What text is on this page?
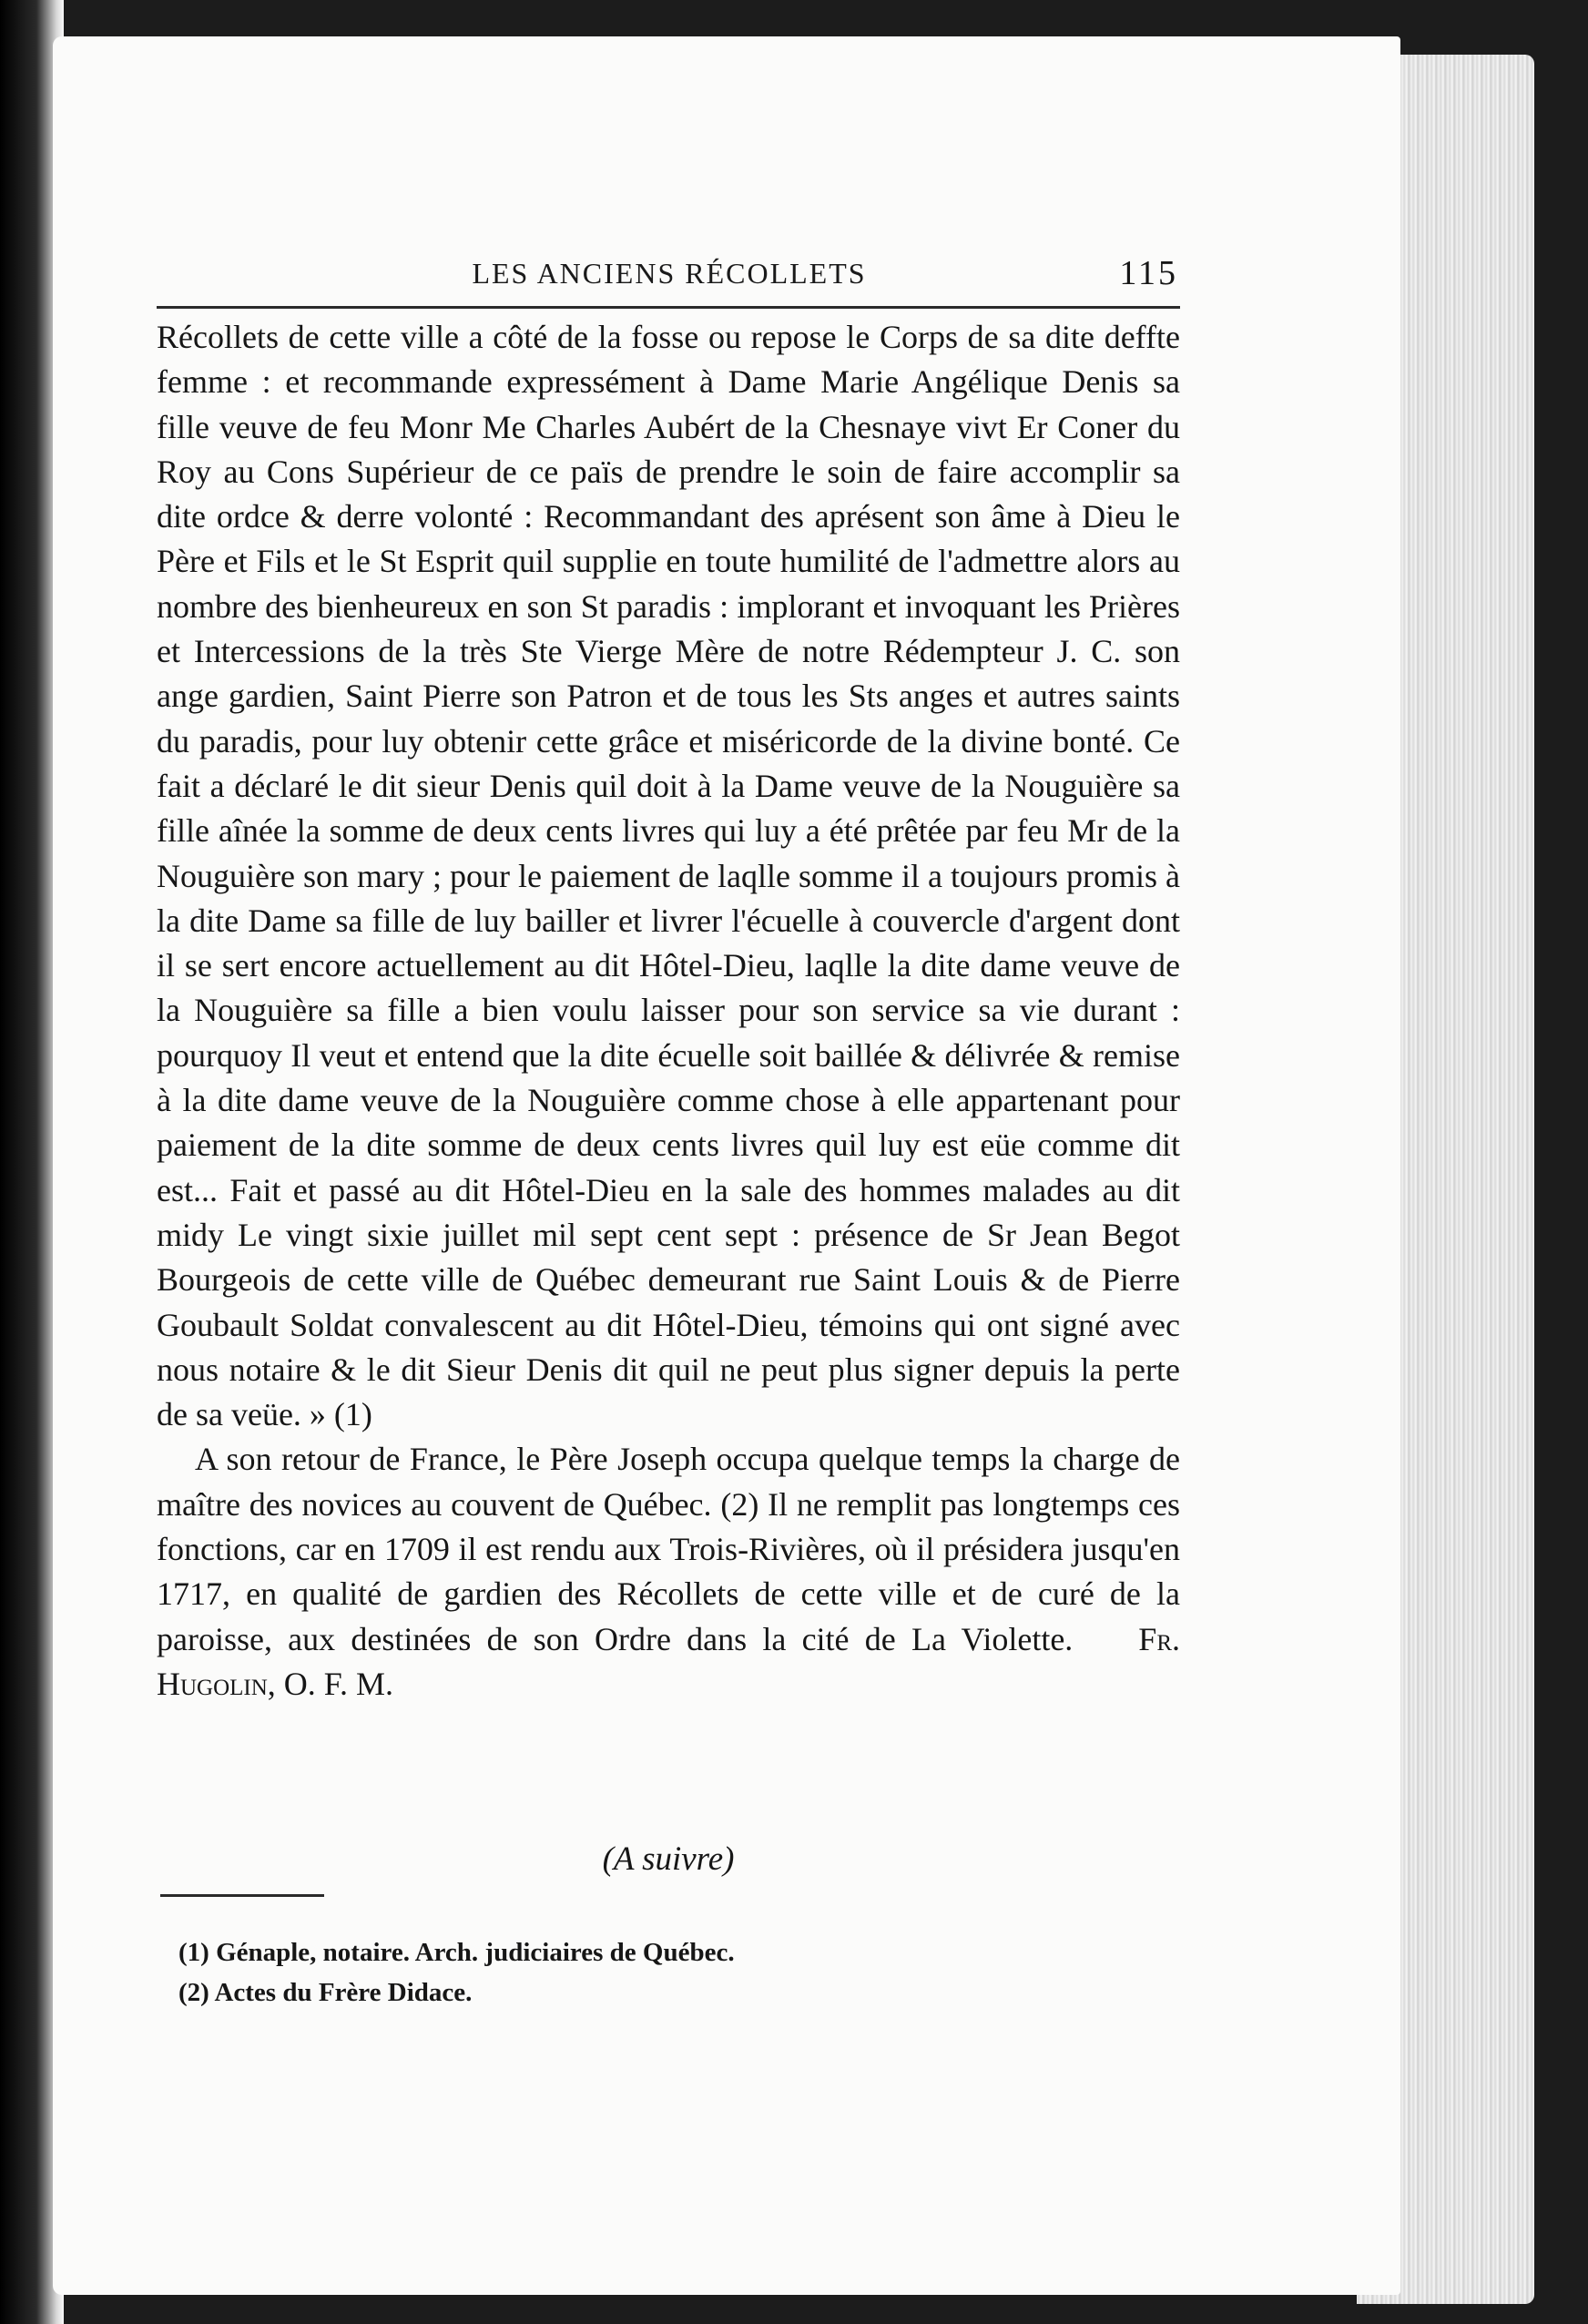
LES ANCIENS RÉCOLLETS	115

Récollets de cette ville a côté de la fosse ou repose le Corps de sa dite deffte femme : et recommande expressément à Dame Marie Angélique Denis sa fille veuve de feu Monr Me Charles Aubért de la Chesnaye vivt Er Coner du Roy au Cons Supérieur de ce païs de prendre le soin de faire accomplir sa dite ordce & derre volonté : Recommandant des aprésent son âme à Dieu le Père et Fils et le St Esprit quil supplie en toute humilité de l'admettre alors au nombre des bienheureux en son St paradis : implorant et invoquant les Prières et Intercessions de la très Ste Vierge Mère de notre Rédempteur J. C. son ange gardien, Saint Pierre son Patron et de tous les Sts anges et autres saints du paradis, pour luy obtenir cette grâce et miséricorde de la divine bonté. Ce fait a déclaré le dit sieur Denis quil doit à la Dame veuve de la Nouguière sa fille aînée la somme de deux cents livres qui luy a été prêtée par feu Mr de la Nouguière son mary ; pour le paiement de laqlle somme il a toujours promis à la dite Dame sa fille de luy bailler et livrer l'écuelle à couvercle d'argent dont il se sert encore actuellement au dit Hôtel-Dieu, laqlle la dite dame veuve de la Nouguière sa fille a bien voulu laisser pour son service sa vie durant : pourquoy Il veut et entend que la dite écuelle soit baillée & délivrée & remise à la dite dame veuve de la Nouguière comme chose à elle appartenant pour paiement de la dite somme de deux cents livres quil luy est eüe comme dit est... Fait et passé au dit Hôtel-Dieu en la sale des hommes malades au dit midy Le vingt sixie juillet mil sept cent sept : présence de Sr Jean Begot Bourgeois de cette ville de Québec demeurant rue Saint Louis & de Pierre Goubault Soldat convalescent au dit Hôtel-Dieu, témoins qui ont signé avec nous notaire & le dit Sieur Denis dit quil ne peut plus signer depuis la perte de sa veüe. » (1)

A son retour de France, le Père Joseph occupa quelque temps la charge de maître des novices au couvent de Québec. (2) Il ne remplit pas longtemps ces fonctions, car en 1709 il est rendu aux Trois-Rivières, où il présidera jusqu'en 1717, en qualité de gardien des Récollets de cette ville et de curé de la paroisse, aux destinées de son Ordre dans la cité de La Violette.   Fr. Hugolin, O. F. M.

(A suivre)
(1) Génaple, notaire. Arch. judiciaires de Québec.
(2) Actes du Frère Didace.
